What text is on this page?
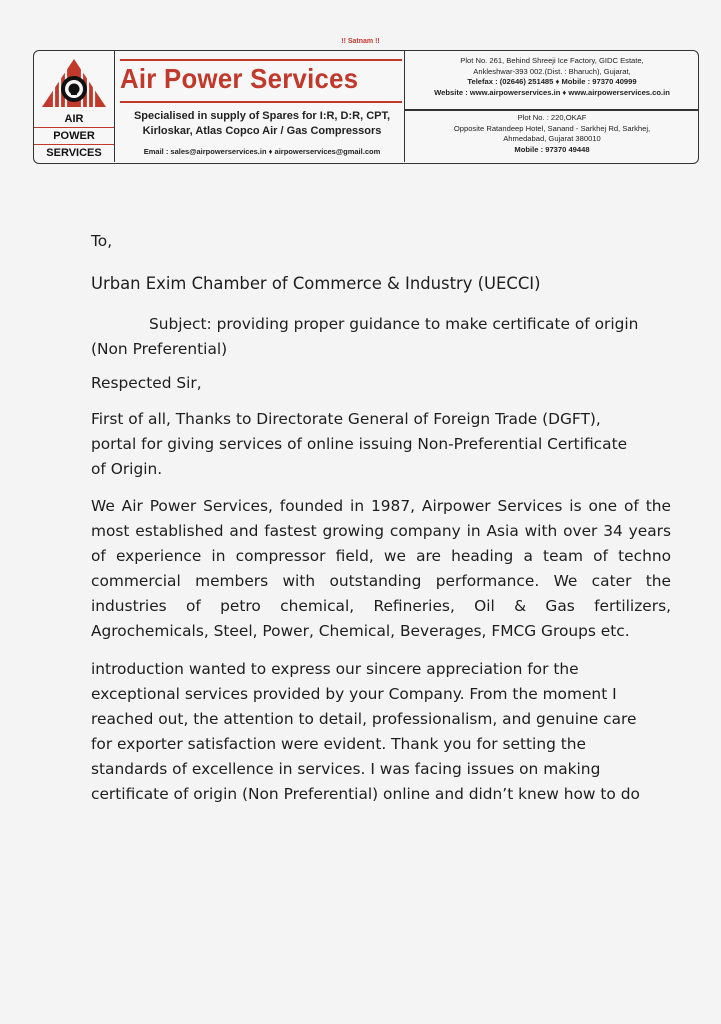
!! Satnam !!
AIR
POWER
SERVICES
Air Power Services
Specialised in supply of Spares for I:R, D:R, CPT,
Kirloskar, Atlas Copco Air / Gas Compressors
Email : sales@airpowerservices.in ♦ airpowerservices@gmail.com
Plot No. 261, Behind Shreeji Ice Factory, GIDC Estate,
Ankleshwar-393 002.(Dist. : Bharuch), Gujarat,
Telefax : (02646) 251485 ♦ Mobile : 97370 40999
Website : www.airpowerservices.in ♦ www.airpowerservices.co.in
Plot No. : 220,OKAF
Opposite Ratandeep Hotel, Sanand - Sarkhej Rd, Sarkhej,
Ahmedabad, Gujarat 380010
Mobile : 97370 49448
To,
Urban Exim Chamber of Commerce & Industry (UECCI)
Subject: providing proper guidance to make certificate of origin
(Non Preferential)
Respected Sir,
First of all, Thanks to Directorate General of Foreign Trade (DGFT),
portal for giving services of online issuing Non-Preferential Certificate
of Origin.
We Air Power Services, founded in 1987, Airpower Services is one of the most established and fastest growing company in Asia with over 34 years of experience in compressor field, we are heading a team of techno commercial members with outstanding performance. We cater the industries of petro chemical, Refineries, Oil & Gas fertilizers, Agrochemicals, Steel, Power, Chemical, Beverages, FMCG Groups etc.
introduction wanted to express our sincere appreciation for the
exceptional services provided by your Company. From the moment I
reached out, the attention to detail, professionalism, and genuine care
for exporter satisfaction were evident. Thank you for setting the
standards of excellence in services. I was facing issues on making
certificate of origin (Non Preferential) online and didn’t knew how to do
